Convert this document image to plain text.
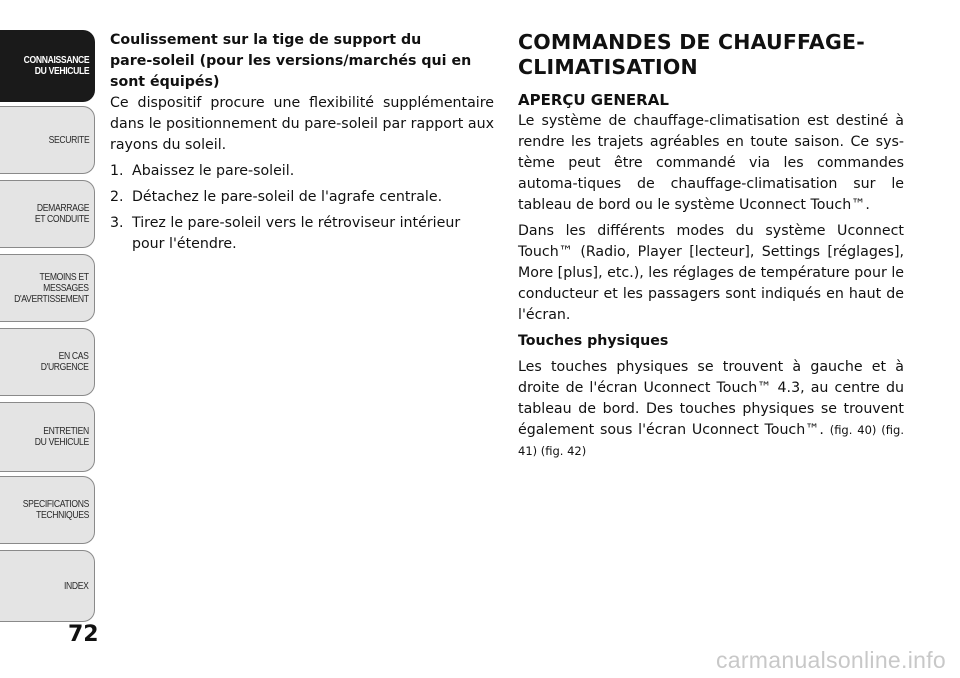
CONNAISSANCE
DU VEHICULE
SECURITE
DEMARRAGE
ET CONDUITE
TEMOINS ET
MESSAGES
D'AVERTISSEMENT
EN CAS
D'URGENCE
ENTRETIEN
DU VEHICULE
SPECIFICATIONS
TECHNIQUES
INDEX
72

Coulissement sur la tige de support du
pare-soleil (pour les versions/marchés qui en
sont équipés)

Ce dispositif procure une flexibilité supplémentaire dans le positionnement du pare-soleil par rapport aux rayons du soleil.

1. Abaissez le pare-soleil.
2. Détachez le pare-soleil de l'agrafe centrale.
3. Tirez le pare-soleil vers le rétroviseur intérieur pour l'étendre.
COMMANDES DE CHAUFFAGE-
CLIMATISATION
APERÇU GENERAL

Le système de chauffage-climatisation est destiné à rendre les trajets agréables en toute saison. Ce sys-tème peut être commandé via les commandes automa-tiques de chauffage-climatisation sur le tableau de bord ou le système Uconnect Touch™.

Dans les différents modes du système Uconnect Touch™ (Radio, Player [lecteur], Settings [réglages], More [plus], etc.), les réglages de température pour le conducteur et les passagers sont indiqués en haut de l'écran.

Touches physiques

Les touches physiques se trouvent à gauche et à droite de l'écran Uconnect Touch™ 4.3, au centre du tableau de bord. Des touches physiques se trouvent également sous l'écran Uconnect Touch™. (fig. 40) (fig. 41) (fig. 42)

carmanualsonline.info
